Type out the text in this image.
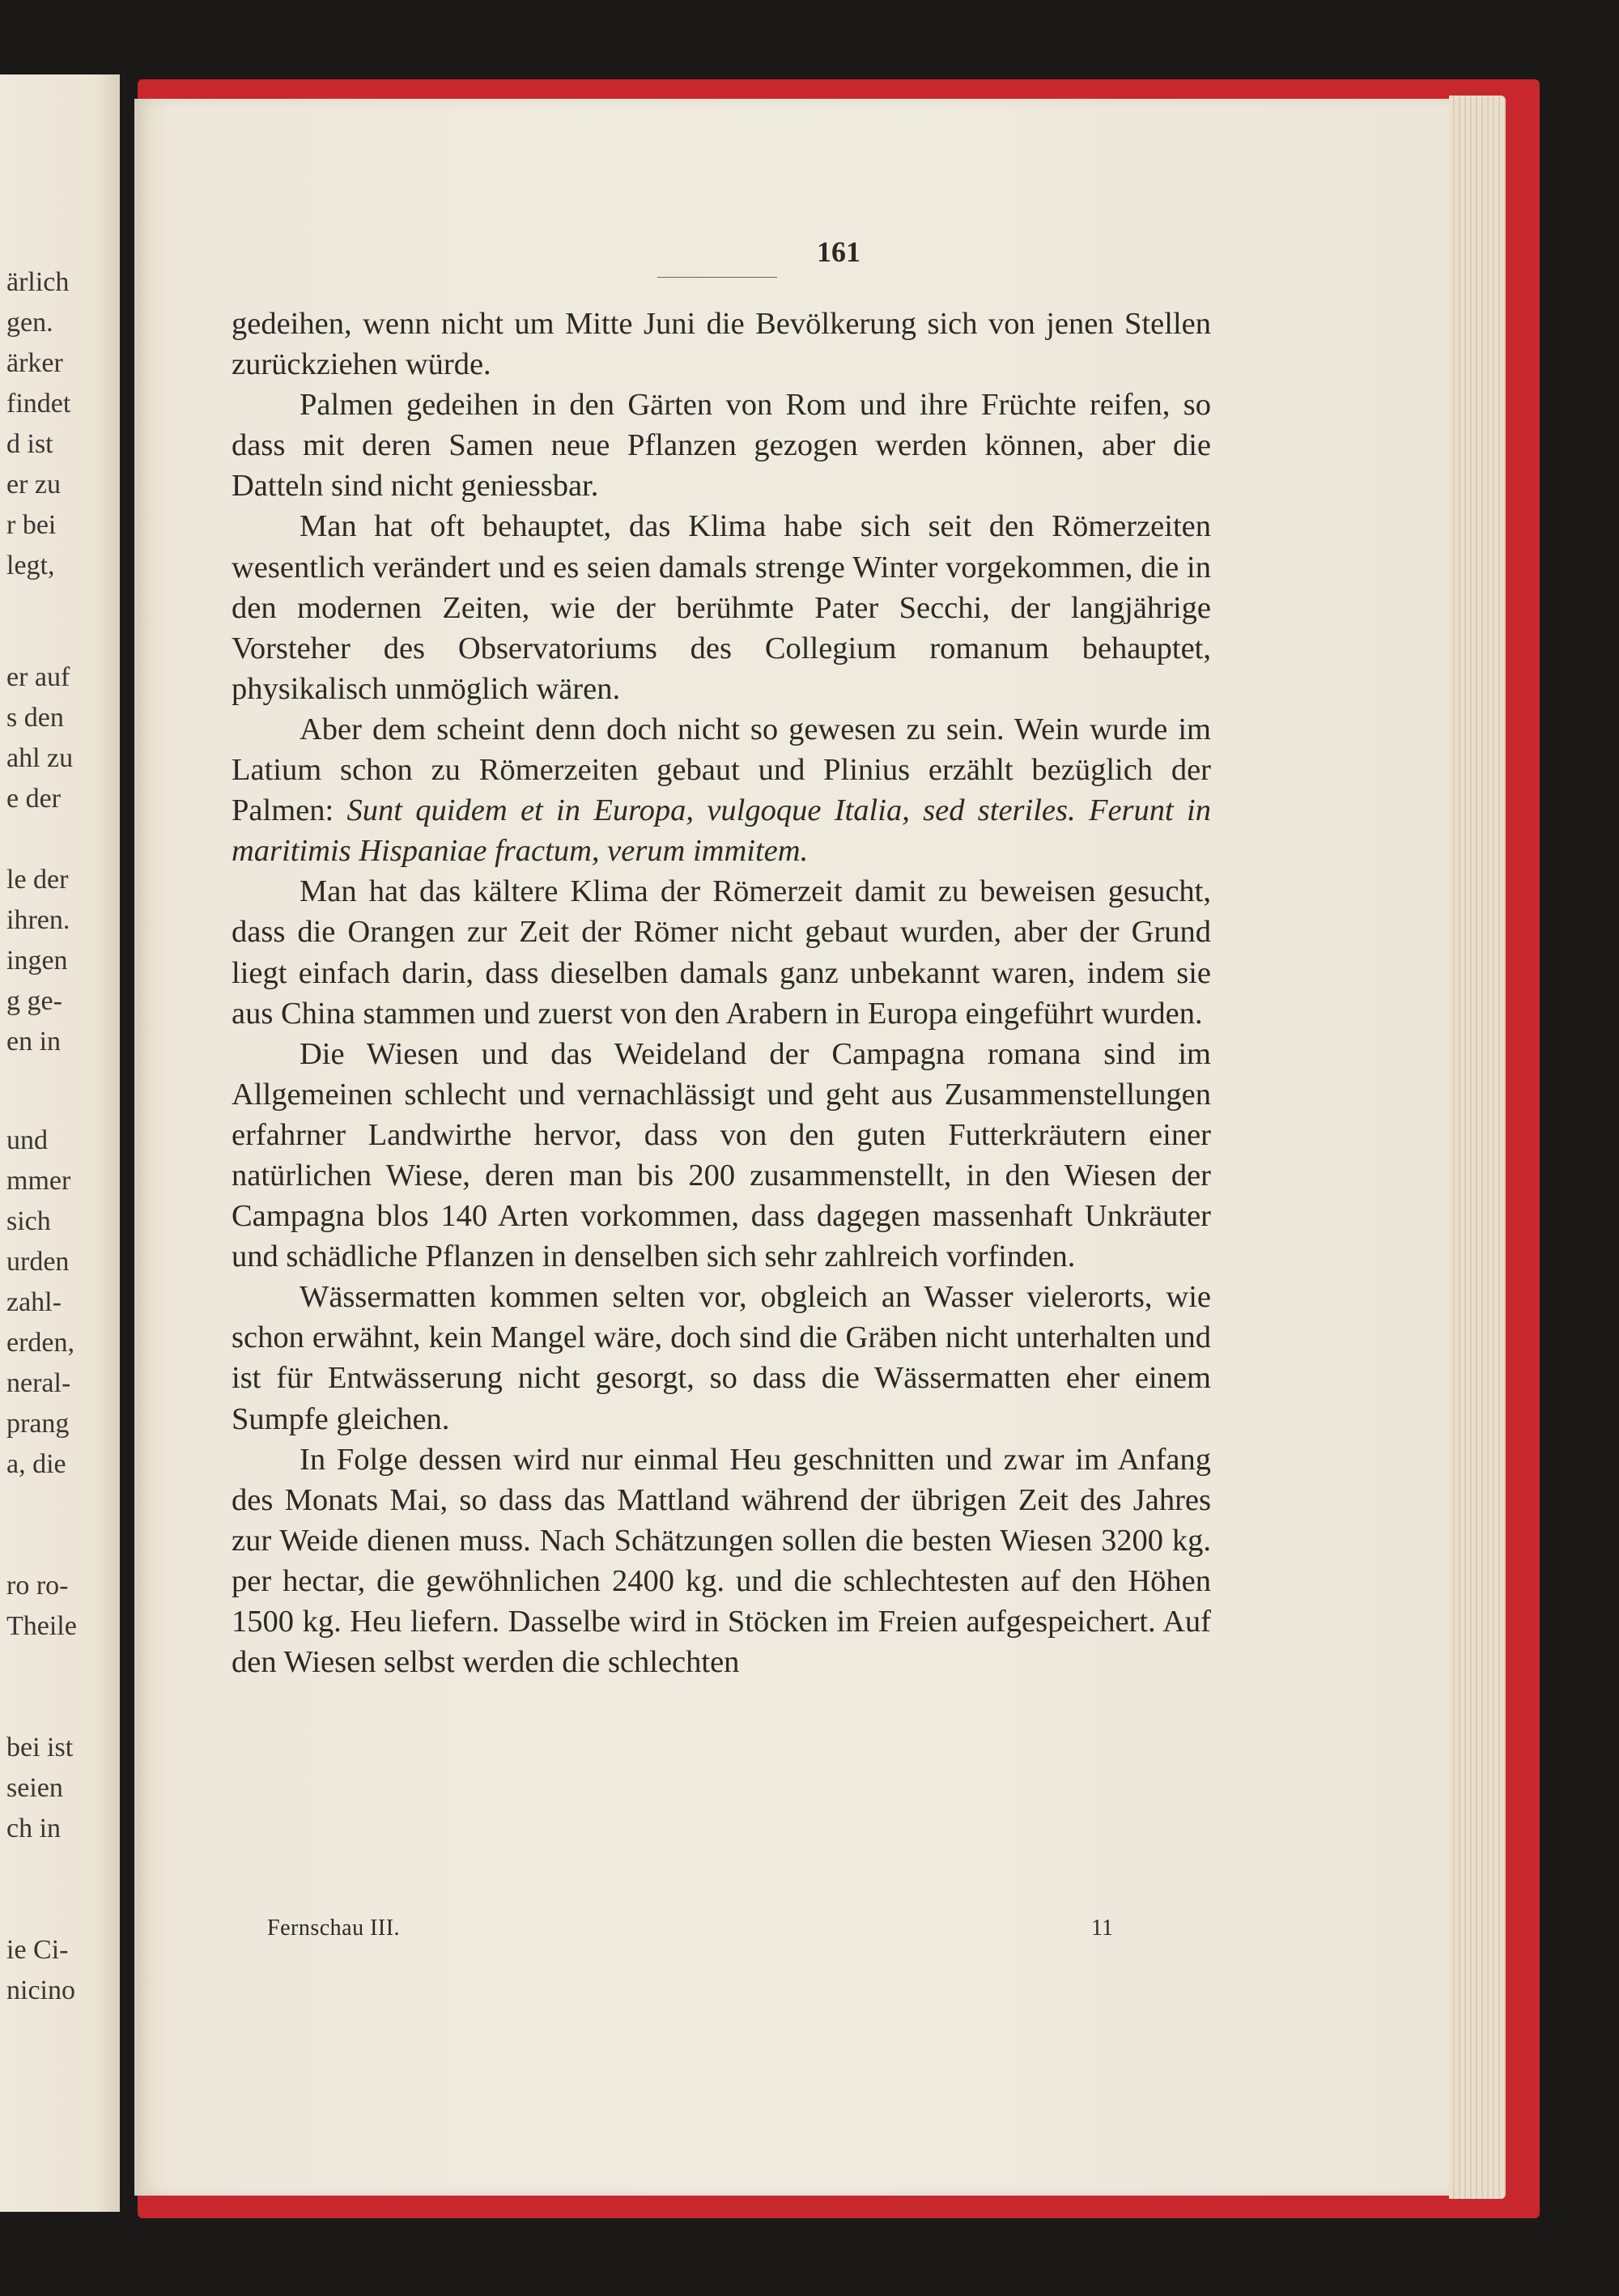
ärlich
gen.
ärker
findet
d ist
er zu
r bei
legt,
er auf
s den
ahl zu
e der
le der
ihren.
ingen
g ge-
en in
und
mmer
sich
urden
zahl-
erden,
neral-
prang
a, die
ro ro-
Theile
bei ist
seien
ch in
ie Ci-
nicino
161

gedeihen, wenn nicht um Mitte Juni die Bevölkerung sich von jenen Stellen zurückziehen würde.

Palmen gedeihen in den Gärten von Rom und ihre Früchte reifen, so dass mit deren Samen neue Pflanzen gezogen werden können, aber die Datteln sind nicht geniessbar.

Man hat oft behauptet, das Klima habe sich seit den Römerzeiten wesentlich verändert und es seien damals strenge Winter vorgekommen, die in den modernen Zeiten, wie der berühmte Pater Secchi, der langjährige Vorsteher des Observatoriums des Collegium romanum behauptet, physikalisch unmöglich wären.

Aber dem scheint denn doch nicht so gewesen zu sein. Wein wurde im Latium schon zu Römerzeiten gebaut und Plinius erzählt bezüglich der Palmen: Sunt quidem et in Europa, vulgoque Italia, sed steriles. Ferunt in maritimis Hispaniae fractum, verum immitem.

Man hat das kältere Klima der Römerzeit damit zu beweisen gesucht, dass die Orangen zur Zeit der Römer nicht gebaut wurden, aber der Grund liegt einfach darin, dass dieselben damals ganz unbekannt waren, indem sie aus China stammen und zuerst von den Arabern in Europa eingeführt wurden.

Die Wiesen und das Weideland der Campagna romana sind im Allgemeinen schlecht und vernachlässigt und geht aus Zusammenstellungen erfahrner Landwirthe hervor, dass von den guten Futterkräutern einer natürlichen Wiese, deren man bis 200 zusammenstellt, in den Wiesen der Campagna blos 140 Arten vorkommen, dass dagegen massenhaft Unkräuter und schädliche Pflanzen in denselben sich sehr zahlreich vorfinden.

Wässermatten kommen selten vor, obgleich an Wasser vielerorts, wie schon erwähnt, kein Mangel wäre, doch sind die Gräben nicht unterhalten und ist für Entwässerung nicht gesorgt, so dass die Wässermatten eher einem Sumpfe gleichen.

In Folge dessen wird nur einmal Heu geschnitten und zwar im Anfang des Monats Mai, so dass das Mattland während der übrigen Zeit des Jahres zur Weide dienen muss. Nach Schätzungen sollen die besten Wiesen 3200 kg. per hectar, die gewöhnlichen 2400 kg. und die schlechtesten auf den Höhen 1500 kg. Heu liefern. Dasselbe wird in Stöcken im Freien aufgespeichert. Auf den Wiesen selbst werden die schlechten

Fernschau III.	11
